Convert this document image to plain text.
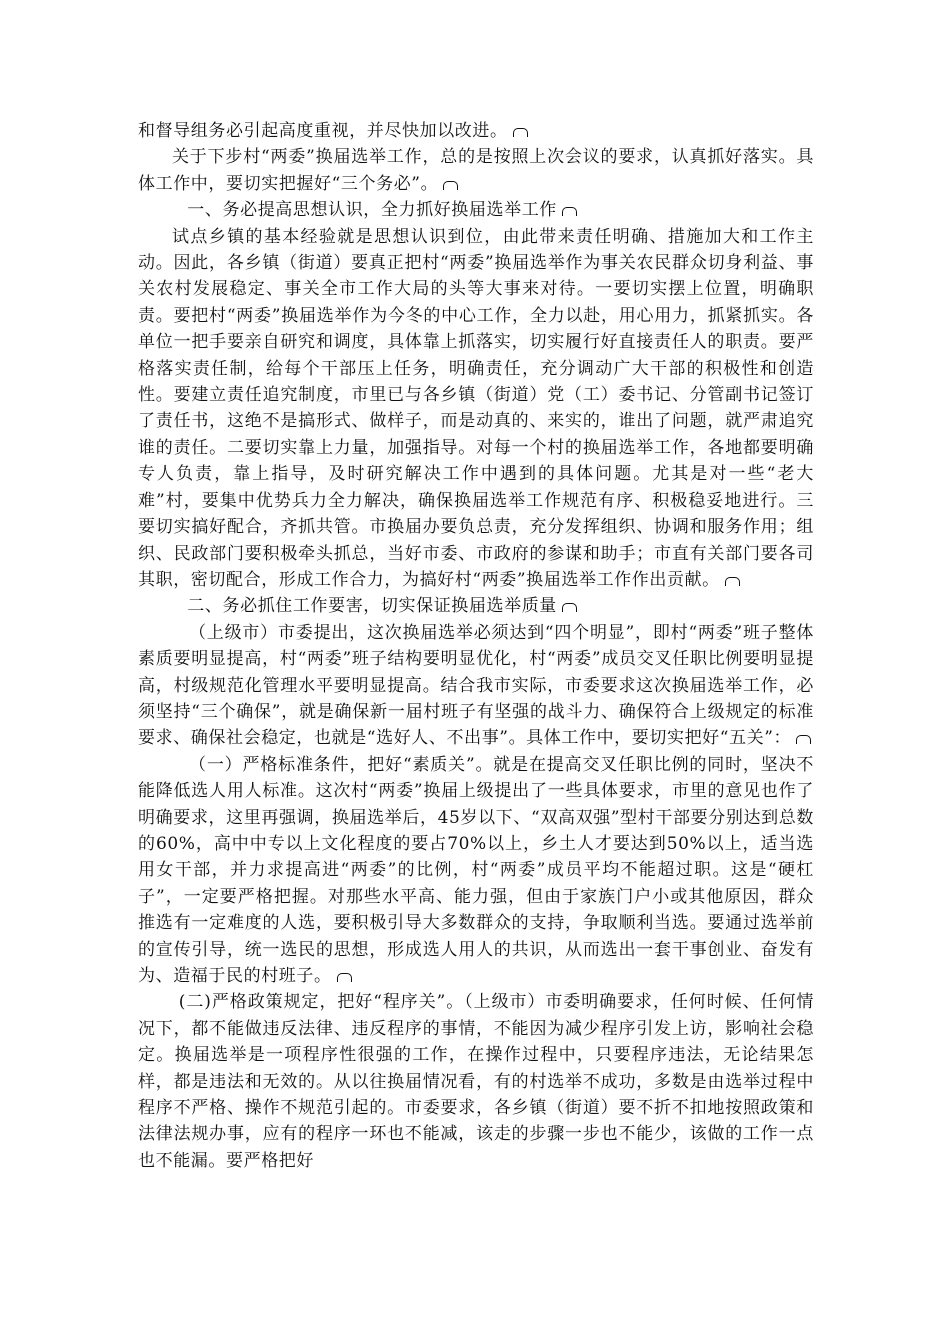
和督导组务必引起高度重视，并尽快加以改进。

关于下步村“两委”换届选举工作，总的是按照上次会议的要求，认真抓好落实。具体工作中，要切实把握好“三个务必”。

一、务必提高思想认识，全力抓好换届选举工作

试点乡镇的基本经验就是思想认识到位，由此带来责任明确、措施加大和工作主动。因此，各乡镇（街道）要真正把村“两委”换届选举作为事关农民群众切身利益、事关农村发展稳定、事关全市工作大局的头等大事来对待。一要切实摆上位置，明确职责。要把村“两委”换届选举作为今冬的中心工作，全力以赴，用心用力，抓紧抓实。各单位一把手要亲自研究和调度，具体靠上抓落实，切实履行好直接责任人的职责。要严格落实责任制，给每个干部压上任务，明确责任，充分调动广大干部的积极性和创造性。要建立责任追究制度，市里已与各乡镇（街道）党（工）委书记、分管副书记签订了责任书，这绝不是搞形式、做样子，而是动真的、来实的，谁出了问题，就严肃追究谁的责任。二要切实靠上力量，加强指导。对每一个村的换届选举工作，各地都要明确专人负责，靠上指导，及时研究解决工作中遇到的具体问题。尤其是对一些“老大难”村，要集中优势兵力全力解决，确保换届选举工作规范有序、积极稳妥地进行。三要切实搞好配合，齐抓共管。市换届办要负总责，充分发挥组织、协调和服务作用；组织、民政部门要积极牵头抓总，当好市委、市政府的参谋和助手；市直有关部门要各司其职，密切配合，形成工作合力，为搞好村“两委”换届选举工作作出贡献。

二、务必抓住工作要害，切实保证换届选举质量

（上级市）市委提出，这次换届选举必须达到“四个明显”，即村“两委”班子整体素质要明显提高，村“两委”班子结构要明显优化，村“两委”成员交叉任职比例要明显提高，村级规范化管理水平要明显提高。结合我市实际，市委要求这次换届选举工作，必须坚持“三个确保”，就是确保新一届村班子有坚强的战斗力、确保符合上级规定的标准要求、确保社会稳定，也就是“选好人、不出事”。具体工作中，要切实把好“五关”：

（一）严格标准条件，把好“素质关”。就是在提高交叉任职比例的同时，坚决不能降低选人用人标准。这次村“两委”换届上级提出了一些具体要求，市里的意见也作了明确要求，这里再强调，换届选举后，45岁以下、“双高双强”型村干部要分别达到总数的60%，高中中专以上文化程度的要占70%以上，乡土人才要达到50%以上，适当选用女干部，并力求提高进“两委”的比例，村“两委”成员平均不能超过职。这是“硬杠子”，一定要严格把握。对那些水平高、能力强，但由于家族门户小或其他原因，群众推选有一定难度的人选，要积极引导大多数群众的支持，争取顺利当选。要通过选举前的宣传引导，统一选民的思想，形成选人用人的共识，从而选出一套干事创业、奋发有为、造福于民的村班子。

(二)严格政策规定，把好“程序关”。（上级市）市委明确要求，任何时候、任何情况下，都不能做违反法律、违反程序的事情，不能因为减少程序引发上访，影响社会稳定。换届选举是一项程序性很强的工作，在操作过程中，只要程序违法，无论结果怎样，都是违法和无效的。从以往换届情况看，有的村选举不成功，多数是由选举过程中程序不严格、操作不规范引起的。市委要求，各乡镇（街道）要不折不扣地按照政策和法律法规办事，应有的程序一环也不能减，该走的步骤一步也不能少，该做的工作一点也不能漏。要严格把好
